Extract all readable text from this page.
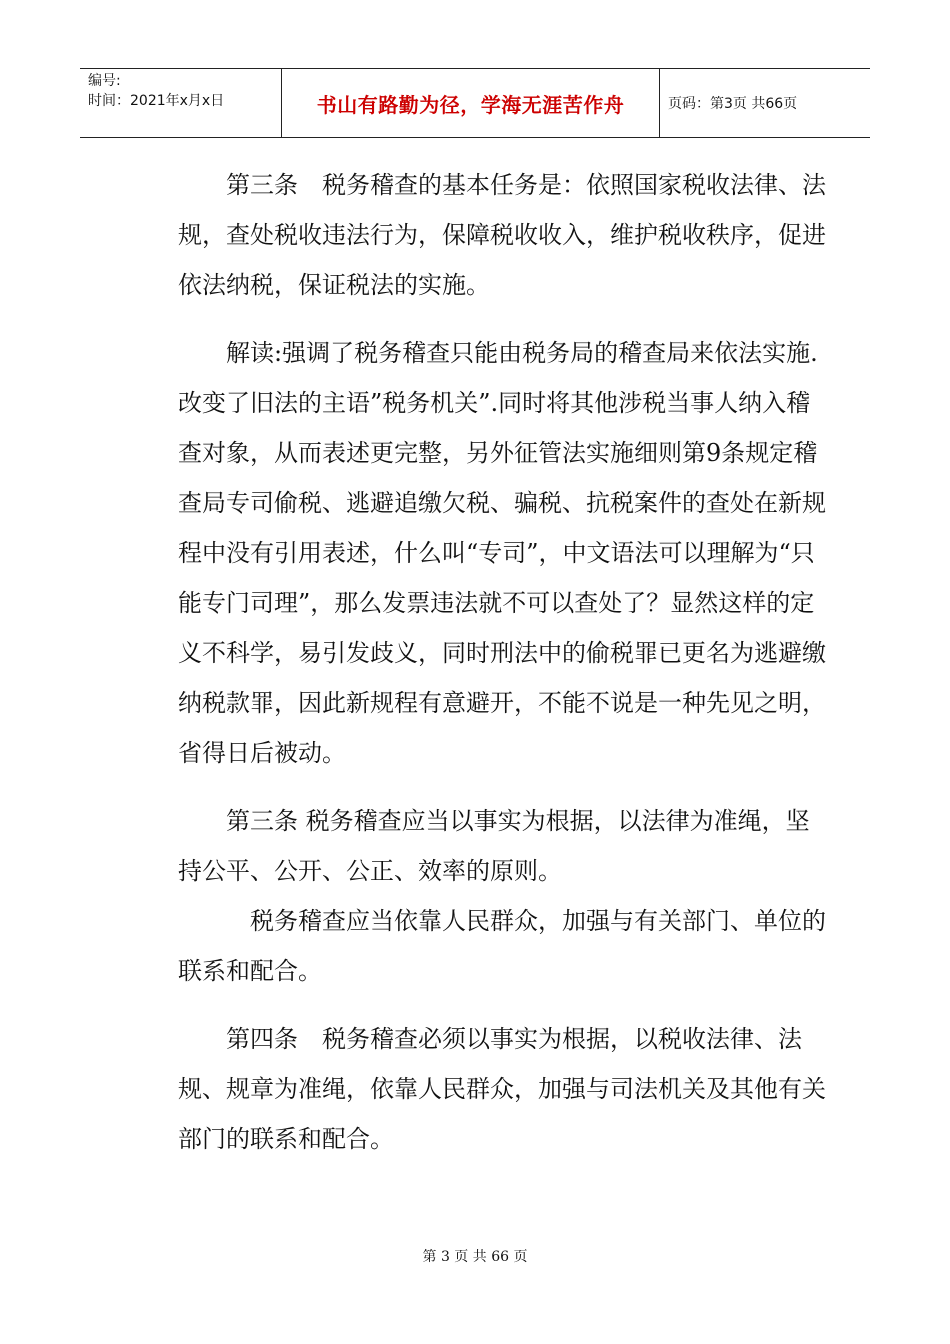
编号:
时间：2021年x月x日	书山有路勤为径，学海无涯苦作舟	页码：第3页 共66页

第三条　税务稽查的基本任务是：依照国家税收法律、法规，查处税收违法行为，保障税收收入，维护税收秩序，促进依法纳税，保证税法的实施。

解读:强调了税务稽查只能由税务局的稽查局来依法实施.改变了旧法的主语”税务机关”.同时将其他涉税当事人纳入稽查对象，从而表述更完整，另外征管法实施细则第9条规定稽查局专司偷税、逃避追缴欠税、骗税、抗税案件的查处在新规程中没有引用表述，什么叫“专司”，中文语法可以理解为“只能专门司理”，那么发票违法就不可以查处了？显然这样的定义不科学，易引发歧义，同时刑法中的偷税罪已更名为逃避缴纳税款罪，因此新规程有意避开，不能不说是一种先见之明，省得日后被动。

第三条 税务稽查应当以事实为根据，以法律为准绳，坚持公平、公开、公正、效率的原则。

税务稽查应当依靠人民群众，加强与有关部门、单位的联系和配合。

第四条　税务稽查必须以事实为根据，以税收法律、法规、规章为准绳，依靠人民群众，加强与司法机关及其他有关部门的联系和配合。

第 3 页 共 66 页
